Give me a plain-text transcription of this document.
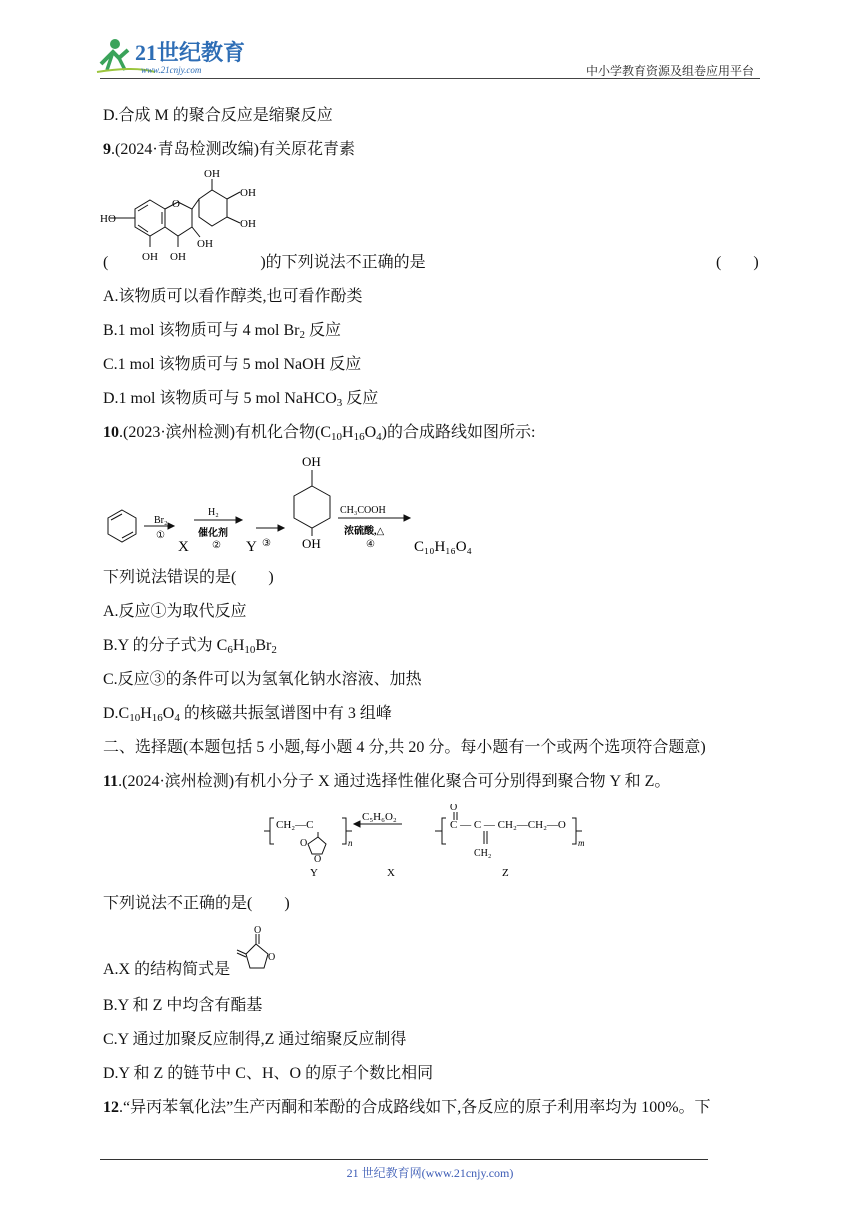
21世纪教育
www.21cnjy.com	中小学教育资源及组卷应用平台
D.合成 M 的聚合反应是缩聚反应
9.(2024·青岛检测改编)有关原花青素
O
OH
OH
HO	OH
OH
OH OH
(	)的下列说法不正确的是	(　　)
A.该物质可以看作醇类,也可看作酚类
B.1 mol 该物质可与 4 mol $Br_2$ 反应
C.1 mol 该物质可与 5 mol NaOH 反应
D.1 mol 该物质可与 5 mol NaHCO$_3$ 反应
10.(2023·滨州检测)有机化合物$(C_{10}H_{16}O_4)$的合成路线如图所示:
Br₂
①
X
H₂
催化剂
② Y ③
OH
OH
CH₃COOH
浓硫酸,△
④	C₁₀H₁₆O₄
下列说法错误的是(　　)
A.反应①为取代反应
B.Y 的分子式为 $C_6H_{10}Br_2$
C.反应③的条件可以为氢氧化钠水溶液、加热
$D.C_{10}H_{16}O_4$ 的核磁共振氢谱图中有 3 组峰
二、选择题(本题包括 5 小题,每小题 4 分,共 20 分。每小题有一个或两个选项符合题意)
11.(2024·滨州检测)有机小分子 X 通过选择性催化聚合可分别得到聚合物 Y 和 Z。
CH₂—C
O
O
n
C₅H₆O₂
O
C — C — CH₂—CH₂—O
CH₂
m
Y	X	Z
下列说法不正确的是(　　)
A.X 的结构简式是
O
O
B.Y 和 Z 中均含有酯基
C.Y 通过加聚反应制得,Z 通过缩聚反应制得
D.Y 和 Z 的链节中 C、H、O 的原子个数比相同
12.“异丙苯氧化法”生产丙酮和苯酚的合成路线如下,各反应的原子利用率均为 100%。下
21 世纪教育网(www.21cnjy.com)
